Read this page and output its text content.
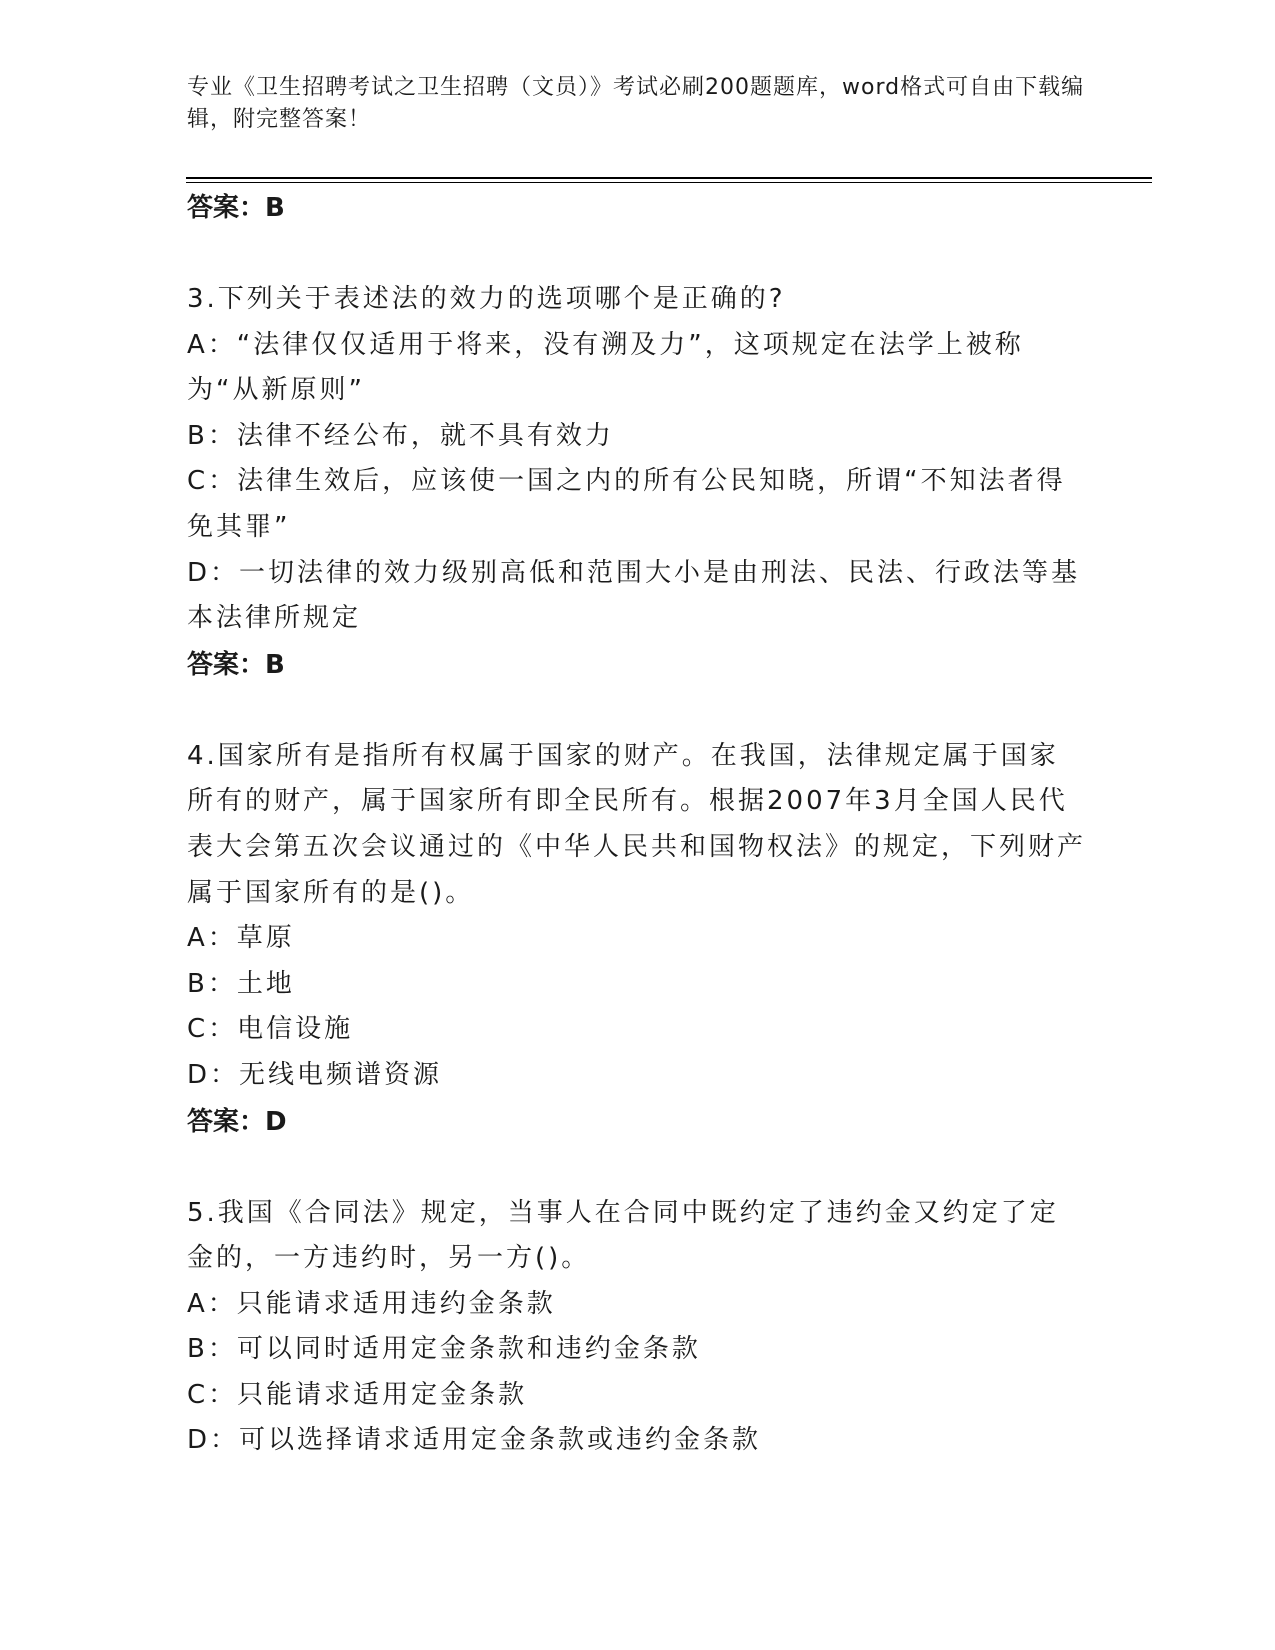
专业《卫生招聘考试之卫生招聘（文员）》考试必刷200题题库，word格式可自由下载编辑，附完整答案！
答案：B
3.下列关于表述法的效力的选项哪个是正确的?
A：“法律仅仅适用于将来，没有溯及力”，这项规定在法学上被称为“从新原则”
B：法律不经公布，就不具有效力
C：法律生效后，应该使一国之内的所有公民知晓，所谓“不知法者得免其罪”
D：一切法律的效力级别高低和范围大小是由刑法、民法、行政法等基本法律所规定
答案：B
4.国家所有是指所有权属于国家的财产。在我国，法律规定属于国家所有的财产，属于国家所有即全民所有。根据2007年3月全国人民代表大会第五次会议通过的《中华人民共和国物权法》的规定，下列财产属于国家所有的是()。
A：草原
B：土地
C：电信设施
D：无线电频谱资源
答案：D
5.我国《合同法》规定，当事人在合同中既约定了违约金又约定了定金的，一方违约时，另一方()。
A：只能请求适用违约金条款
B：可以同时适用定金条款和违约金条款
C：只能请求适用定金条款
D：可以选择请求适用定金条款或违约金条款
